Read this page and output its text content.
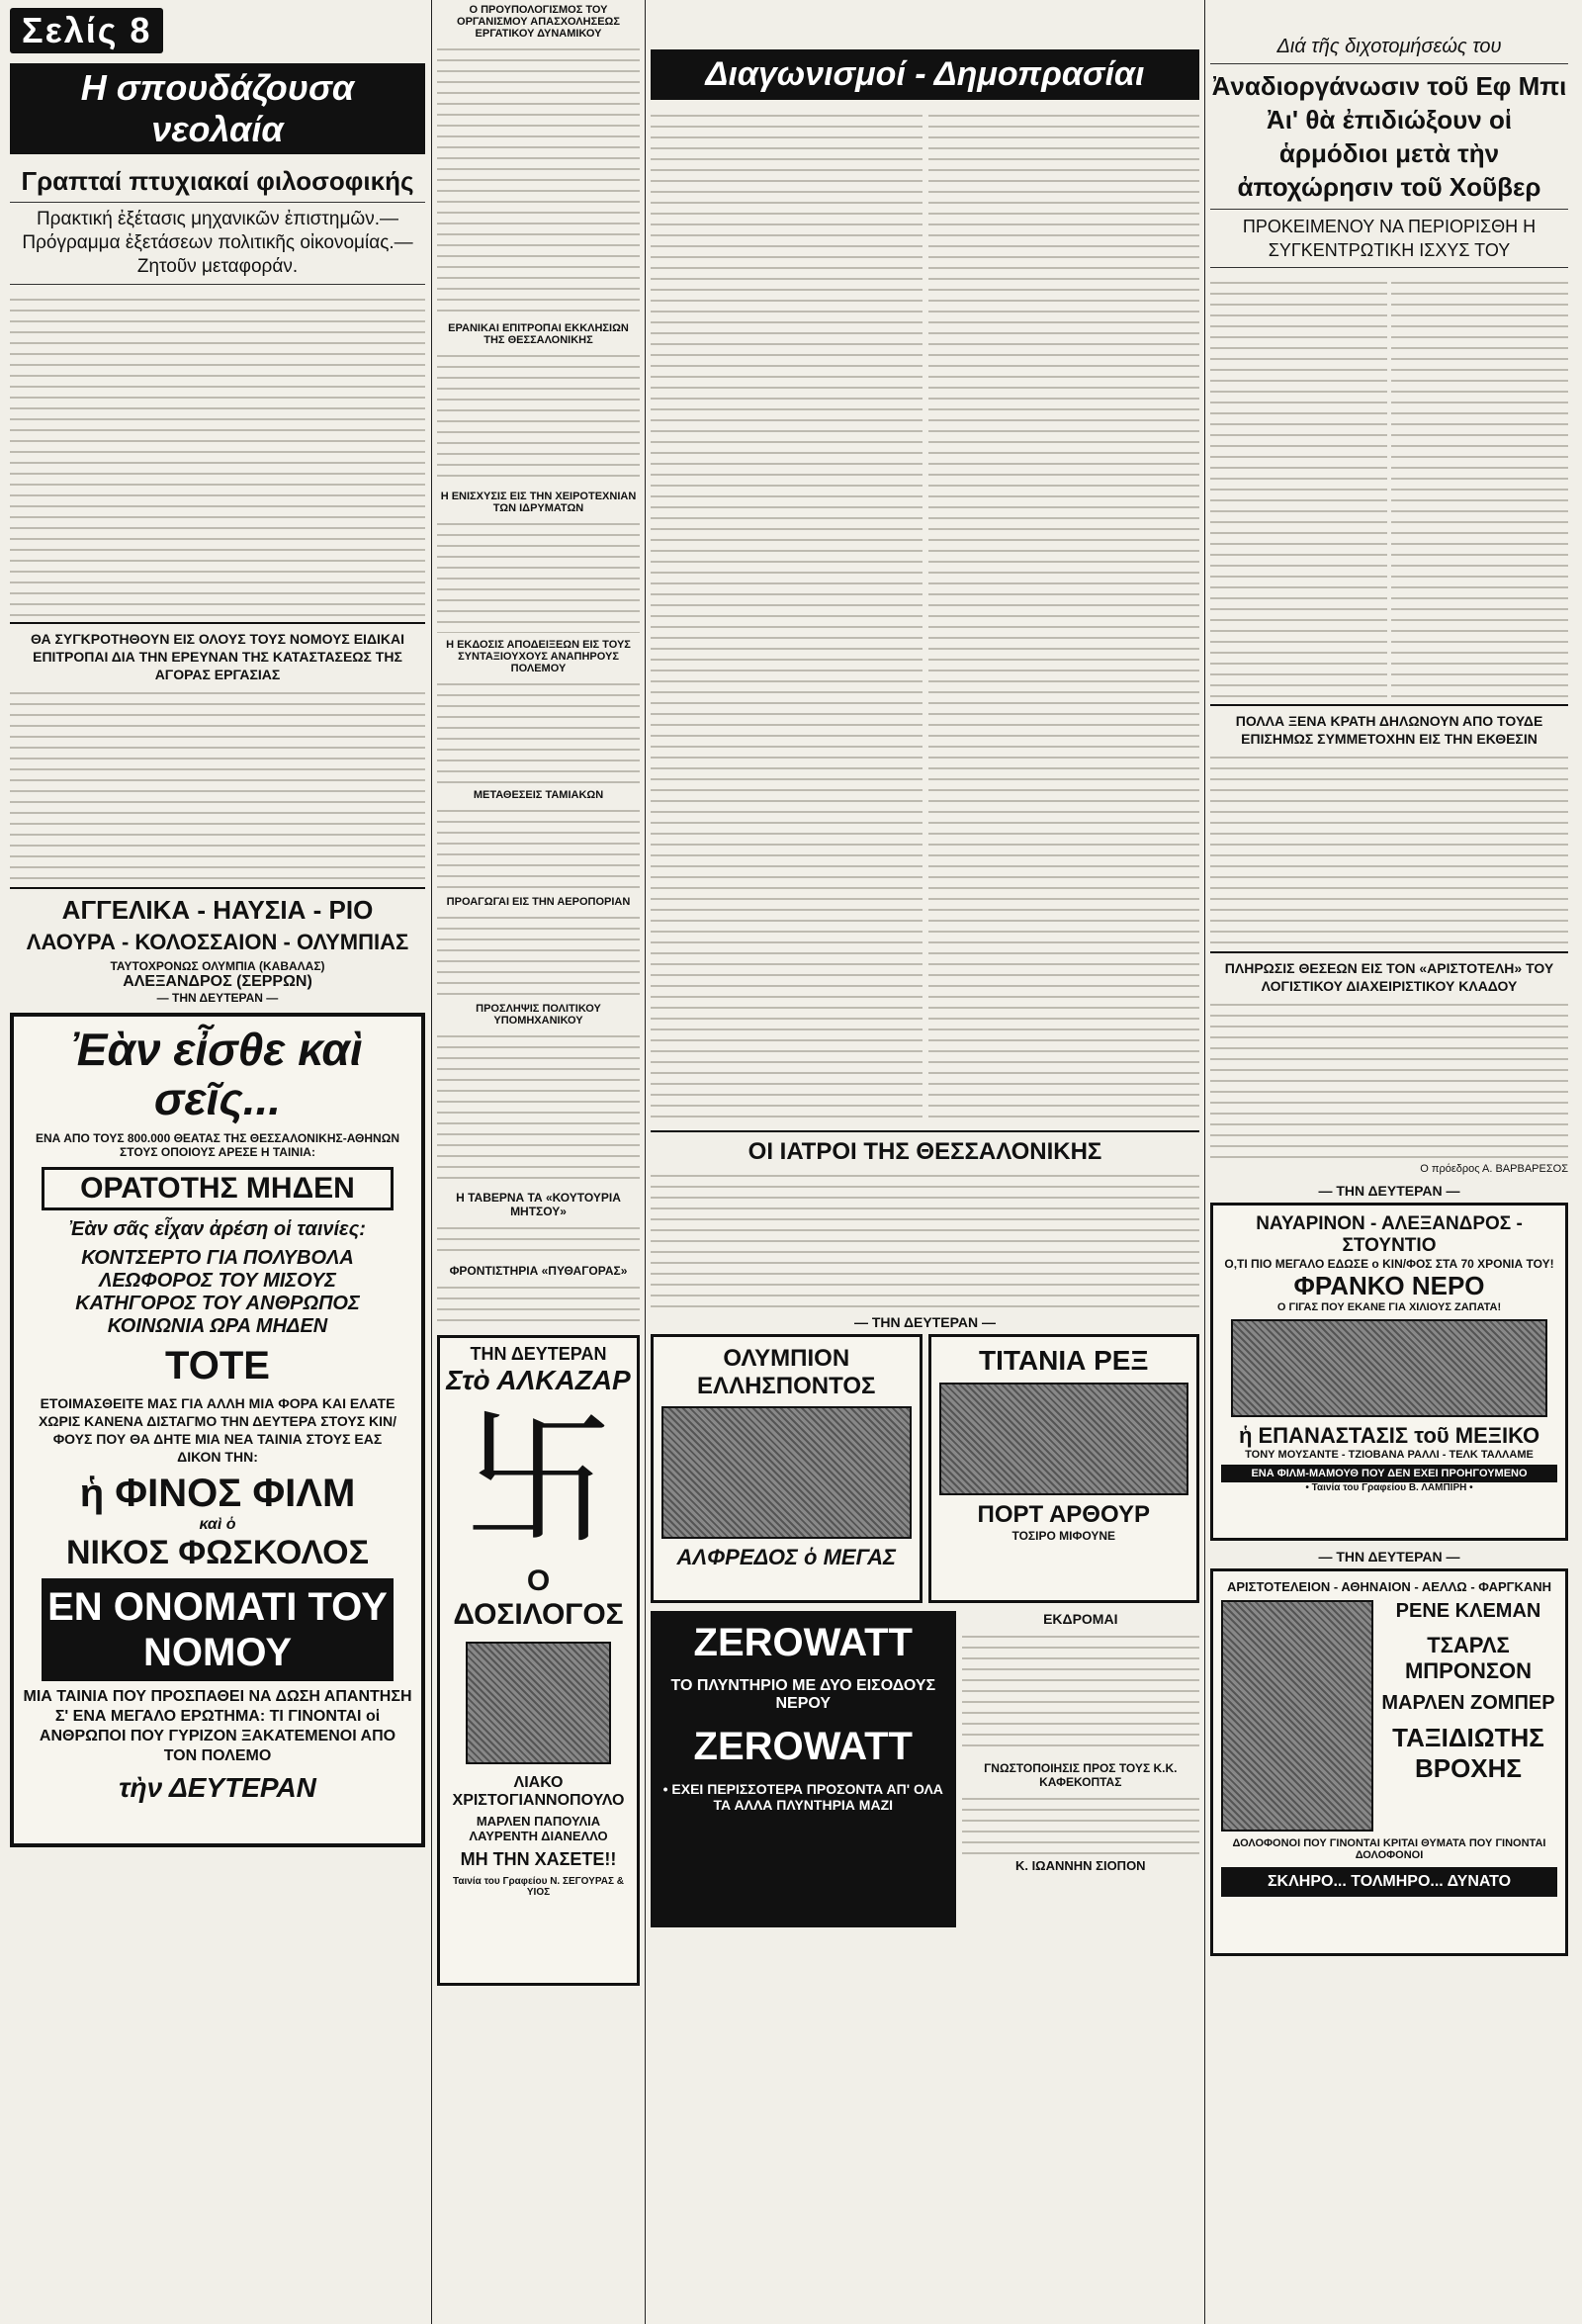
Σελίς 8
Η σπουδάζουσα νεολαία
Γραπταί πτυχιακαί φιλοσοφικής
Πρακτική ἐξέτασις μηχανικῶν ἐπιστημῶν.— Πρόγραμμα ἐξετάσεων πολιτικῆς οἰκονομίας.— Ζητοῦν μεταφοράν.
ΘΑ ΣΥΓΚΡΟΤΗΘΟΥΝ ΕΙΣ ΟΛΟΥΣ ΤΟΥΣ ΝΟΜΟΥΣ ΕΙΔΙΚΑΙ ΕΠΙΤΡΟΠΑΙ ΔΙΑ ΤΗΝ ΕΡΕΥΝΑΝ ΤΗΣ ΚΑΤΑΣΤΑΣΕΩΣ ΤΗΣ ΑΓΟΡΑΣ ΕΡΓΑΣΙΑΣ
ΑΓΓΕΛΙΚΑ - ΗΑΥΣΙΑ - ΡΙΟ
ΛΑΟΥΡΑ - ΚΟΛΟΣΣΑΙΟΝ - ΟΛΥΜΠΙΑΣ
ΤΑΥΤΟΧΡΟΝΩΣ ΟΛΥΜΠΙΑ (ΚΑΒΑΛΑΣ)
ΑΛΕΞΑΝΔΡΟΣ (ΣΕΡΡΩΝ)
— ΤΗΝ ΔΕΥΤΕΡΑΝ —
Ἐὰν εἶσθε καὶ σεῖς...
ΕΝΑ ΑΠΟ ΤΟΥΣ 800.000 ΘΕΑΤΑΣ ΤΗΣ ΘΕΣΣΑΛΟΝΙΚΗΣ-ΑΘΗΝΩΝ ΣΤΟΥΣ ΟΠΟΙΟΥΣ ΑΡΕΣΕ Η ΤΑΙΝΙΑ:
ΟΡΑΤΟΤΗΣ ΜΗΔΕΝ
Ἐὰν σᾶς εἶχαν ἀρέση οἱ ταινίες:
ΚΟΝΤΣΕΡΤΟ ΓΙΑ ΠΟΛΥΒΟΛΑ
ΛΕΩΦΟΡΟΣ ΤΟΥ ΜΙΣΟΥΣ
ΚΑΤΗΓΟΡΟΣ ΤΟΥ ΑΝΘΡΩΠΟΣ
ΚΟΙΝΩΝΙΑ ΩΡΑ ΜΗΔΕΝ
ΤΟΤΕ
ΕΤΟΙΜΑΣΘΕΙΤΕ ΜΑΣ ΓΙΑ ΑΛΛΗ ΜΙΑ ΦΟΡΑ ΚΑΙ ΕΛΑΤΕ ΧΩΡΙΣ ΚΑΝΕΝΑ ΔΙΣΤΑΓΜΟ ΤΗΝ ΔΕΥΤΕΡΑ ΣΤΟΥΣ ΚΙΝ/ΦΟΥΣ ΠΟΥ ΘΑ ΔΗΤΕ ΜΙΑ ΝΕΑ ΤΑΙΝΙΑ ΣΤΟΥΣ ΕΑΣ ΔΙΚΟΝ ΤΗΝ:
ἡ ΦΙΝΟΣ ΦΙΛΜ
καὶ ὁ
ΝΙΚΟΣ ΦΩΣΚΟΛΟΣ
ΕΝ ΟΝΟΜΑΤΙ ΤΟΥ ΝΟΜΟΥ
ΜΙΑ ΤΑΙΝΙΑ ΠΟΥ ΠΡΟΣΠΑΘΕΙ ΝΑ ΔΩΣΗ ΑΠΑΝΤΗΣΗ Σ' ΕΝΑ ΜΕΓΑΛΟ ΕΡΩΤΗΜΑ: ΤΙ ΓΙΝΟΝΤΑΙ οἱ ΑΝΘΡΩΠΟΙ ΠΟΥ ΓΥΡΙΖΟΝ ΞΑΚΑΤΕΜΕΝΟΙ ΑΠΟ ΤΟΝ ΠΟΛΕΜΟ
τὴν ΔΕΥΤΕΡΑΝ
Ο ΠΡΟΥΠΟΛΟΓΙΣΜΟΣ ΤΟΥ ΟΡΓΑΝΙΣΜΟΥ ΑΠΑΣΧΟΛΗΣΕΩΣ ΕΡΓΑΤΙΚΟΥ ΔΥΝΑΜΙΚΟΥ
ΕΡΑΝΙΚΑΙ ΕΠΙΤΡΟΠΑΙ ΕΚΚΛΗΣΙΩΝ ΤΗΣ ΘΕΣΣΑΛΟΝΙΚΗΣ
Η ΕΝΙΣΧΥΣΙΣ ΕΙΣ ΤΗΝ ΧΕΙΡΟΤΕΧΝΙΑΝ ΤΩΝ ΙΔΡΥΜΑΤΩΝ
Η ΕΚΔΟΣΙΣ ΑΠΟΔΕΙΞΕΩΝ ΕΙΣ ΤΟΥΣ ΣΥΝΤΑΞΙΟΥΧΟΥΣ ΑΝΑΠΗΡΟΥΣ ΠΟΛΕΜΟΥ
ΜΕΤΑΘΕΣΕΙΣ ΤΑΜΙΑΚΩΝ
ΠΡΟΑΓΩΓΑΙ ΕΙΣ ΤΗΝ ΑΕΡΟΠΟΡΙΑΝ
ΠΡΟΣΛΗΨΙΣ ΠΟΛΙΤΙΚΟΥ ΥΠΟΜΗΧΑΝΙΚΟΥ
Η ΤΑΒΕΡΝΑ ΤΑ «ΚΟΥΤΟΥΡΙΑ ΜΗΤΣΟΥ»
ΦΡΟΝΤΙΣΤΗΡΙΑ «ΠΥΘΑΓΟΡΑΣ»
ΤΗΝ ΔΕΥΤΕΡΑΝ
Στὸ ΑΛΚΑΖΑΡ
卐
Ο ΔΟΣΙΛΟΓΟΣ
ΛΙΑΚΟ ΧΡΙΣΤΟΓΙΑΝΝΟΠΟΥΛΟ
ΜΑΡΛΕΝ ΠΑΠΟΥΛΙΑ ΛΑΥΡΕΝΤΗ ΔΙΑΝΕΛΛΟ
ΜΗ ΤΗΝ ΧΑΣΕΤΕ!!
Ταινία του Γραφείου Ν. ΣΕΓΟΥΡΑΣ & ΥΙΟΣ
Διαγωνισμοί - Δημοπρασίαι
ΟΙ ΙΑΤΡΟΙ ΤΗΣ ΘΕΣΣΑΛΟΝΙΚΗΣ
— ΤΗΝ ΔΕΥΤΕΡΑΝ —
ΟΛΥΜΠΙΟΝ ΕΛΛΗΣΠΟΝΤΟΣ
ΑΛΦΡΕΔΟΣ ὁ ΜΕΓΑΣ
ΤΙΤΑΝΙΑ ΡΕΞ
ΠΟΡΤ ΑΡΘΟΥΡ
ΤΟΣΙΡΟ ΜΙΦΟΥΝΕ
ZEROWATT
ΤΟ ΠΛΥΝΤΗΡΙΟ ΜΕ ΔΥΟ ΕΙΣΟΔΟΥΣ ΝΕΡΟΥ
ZEROWATT
• ΕΧΕΙ ΠΕΡΙΣΣΟΤΕΡΑ ΠΡΟΣΟΝΤΑ ΑΠ' ΟΛΑ ΤΑ ΑΛΛΑ ΠΛΥΝΤΗΡΙΑ ΜΑΖΙ
ΕΚΔΡΟΜΑΙ
ΓΝΩΣΤΟΠΟΙΗΣΙΣ ΠΡΟΣ ΤΟΥΣ Κ.Κ. ΚΑΦΕΚΟΠΤΑΣ
Κ. ΙΩΑΝΝΗΝ ΣΙΟΠΟΝ
Διά τῆς διχοτομήσεώς του
Ἀναδιοργάνωσιν τοῦ Εφ Μπι Ἀι' θὰ ἐπιδιώξουν οἱ ἁρμόδιοι μετὰ τὴν ἀποχώρησιν τοῦ Χοῦβερ
ΠΡΟΚΕΙΜΕΝΟΥ ΝΑ ΠΕΡΙΟΡΙΣΘΗ Η ΣΥΓΚΕΝΤΡΩΤΙΚΗ ΙΣΧΥΣ ΤΟΥ
ΠΟΛΛΑ ΞΕΝΑ ΚΡΑΤΗ ΔΗΛΩΝΟΥΝ ΑΠΟ ΤΟΥΔΕ ΕΠΙΣΗΜΩΣ ΣΥΜΜΕΤΟΧΗΝ ΕΙΣ ΤΗΝ ΕΚΘΕΣΙΝ
ΠΛΗΡΩΣΙΣ ΘΕΣΕΩΝ ΕΙΣ ΤΟΝ «ΑΡΙΣΤΟΤΕΛΗ» ΤΟΥ ΛΟΓΙΣΤΙΚΟΥ ΔΙΑΧΕΙΡΙΣΤΙΚΟΥ ΚΛΑΔΟΥ
Ο πρόεδρος Α. ΒΑΡΒΑΡΕΣΟΣ
— ΤΗΝ ΔΕΥΤΕΡΑΝ —
ΝΑΥΑΡΙΝΟΝ - ΑΛΕΞΑΝΔΡΟΣ - ΣΤΟΥΝΤΙΟ
Ο,ΤΙ ΠΙΟ ΜΕΓΑΛΟ ΕΔΩΣΕ ο ΚΙΝ/ΦΟΣ ΣΤΑ 70 ΧΡΟΝΙΑ ΤΟΥ!
ΦΡΑΝΚΟ ΝΕΡΟ
Ο ΓΙΓΑΣ ΠΟΥ ΕΚΑΝΕ ΓΙΑ ΧΙΛΙΟΥΣ ΖΑΠΑΤΑ!
ἡ ΕΠΑΝΑΣΤΑΣΙΣ τοῦ ΜΕΞΙΚΟ
ΤΟΝΥ ΜΟΥΣΑΝΤΕ - ΤΖΙΟΒΑΝΑ ΡΑΛΛΙ - ΤΕΛΚ ΤΑΛΛΑΜΕ
ΕΝΑ ΦΙΛΜ-ΜΑΜΟΥΘ ΠΟΥ ΔΕΝ ΕΧΕΙ ΠΡΟΗΓΟΥΜΕΝΟ
• Ταινία του Γραφείου Β. ΛΑΜΠΙΡΗ •
— ΤΗΝ ΔΕΥΤΕΡΑΝ —
ΑΡΙΣΤΟΤΕΛΕΙΟΝ - ΑΘΗΝΑΙΟΝ - ΑΕΛΛΩ - ΦΑΡΓΚΑΝΗ
ΡΕΝΕ ΚΛΕΜΑΝ
ΤΣΑΡΛΣ ΜΠΡΟΝΣΟΝ
ΜΑΡΛΕΝ ΖΟΜΠΕΡ
ΤΑΞΙΔΙΩΤΗΣ ΒΡΟΧΗΣ
ΔΟΛΟΦΟΝΟΙ ΠΟΥ ΓΙΝΟΝΤΑΙ ΚΡΙΤΑΙ ΘΥΜΑΤΑ ΠΟΥ ΓΙΝΟΝΤΑΙ ΔΟΛΟΦΟΝΟΙ
ΣΚΛΗΡΟ... ΤΟΛΜΗΡΟ... ΔΥΝΑΤΟ
